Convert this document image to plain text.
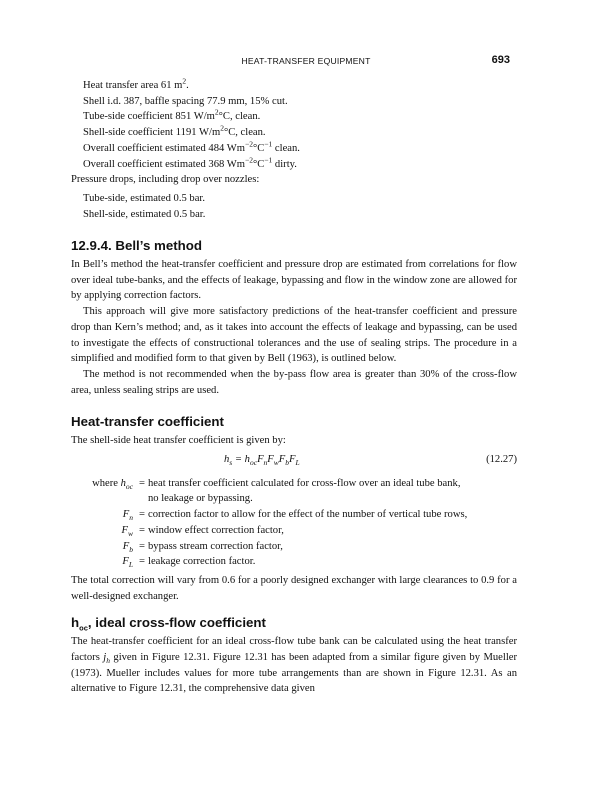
HEAT-TRANSFER EQUIPMENT	693
Heat transfer area 61 $m^2$.
Shell i.d. 387, baffle spacing 77.9 mm, 15% cut.
Tube-side coefficient 851 $W/m^2^\circ C$, clean.
Shell-side coefficient 1191 $W/m^2^\circ C$, clean.
Overall coefficient estimated 484 $Wm^{-2}^\circ C^{-1}$ clean.
Overall coefficient estimated 368 $Wm^{-2}^\circ C^{-1}$ dirty.
Pressure drops, including drop over nozzles:
Tube-side, estimated 0.5 bar.
Shell-side, estimated 0.5 bar.
12.9.4. Bell’s method

In Bell’s method the heat-transfer coefficient and pressure drop are estimated from correlations for flow over ideal tube-banks, and the effects of leakage, bypassing and flow in the window zone are allowed for by applying correction factors.

This approach will give more satisfactory predictions of the heat-transfer coefficient and pressure drop than Kern’s method; and, as it takes into account the effects of leakage and bypassing, can be used to investigate the effects of constructional tolerances and the use of sealing strips. The procedure in a simplified and modified form to that given by Bell (1963), is outlined below.

The method is not recommended when the by-pass flow area is greater than 30% of the cross-flow area, unless sealing strips are used.

Heat-transfer coefficient

The shell-side heat transfer coefficient is given by:

$h_s = h_{oc}F_nF_wF_bF_L$	(12.27)
where $h_{oc}$ = heat transfer coefficient calculated for cross-flow over an ideal tube bank,
no leakage or bypassing.
$F_n$ = correction factor to allow for the effect of the number of vertical tube rows,
$F_w$ = window effect correction factor,
$F_b$ = bypass stream correction factor,
$F_L$ = leakage correction factor.

The total correction will vary from 0.6 for a poorly designed exchanger with large clearances to 0.9 for a well-designed exchanger.

$h_{oc}$, ideal cross-flow coefficient

The heat-transfer coefficient for an ideal cross-flow tube bank can be calculated using the heat transfer factors $j_h$ given in Figure 12.31. Figure 12.31 has been adapted from a similar figure given by Mueller (1973). Mueller includes values for more tube arrangements than are shown in Figure 12.31. As an alternative to Figure 12.31, the comprehensive data given
